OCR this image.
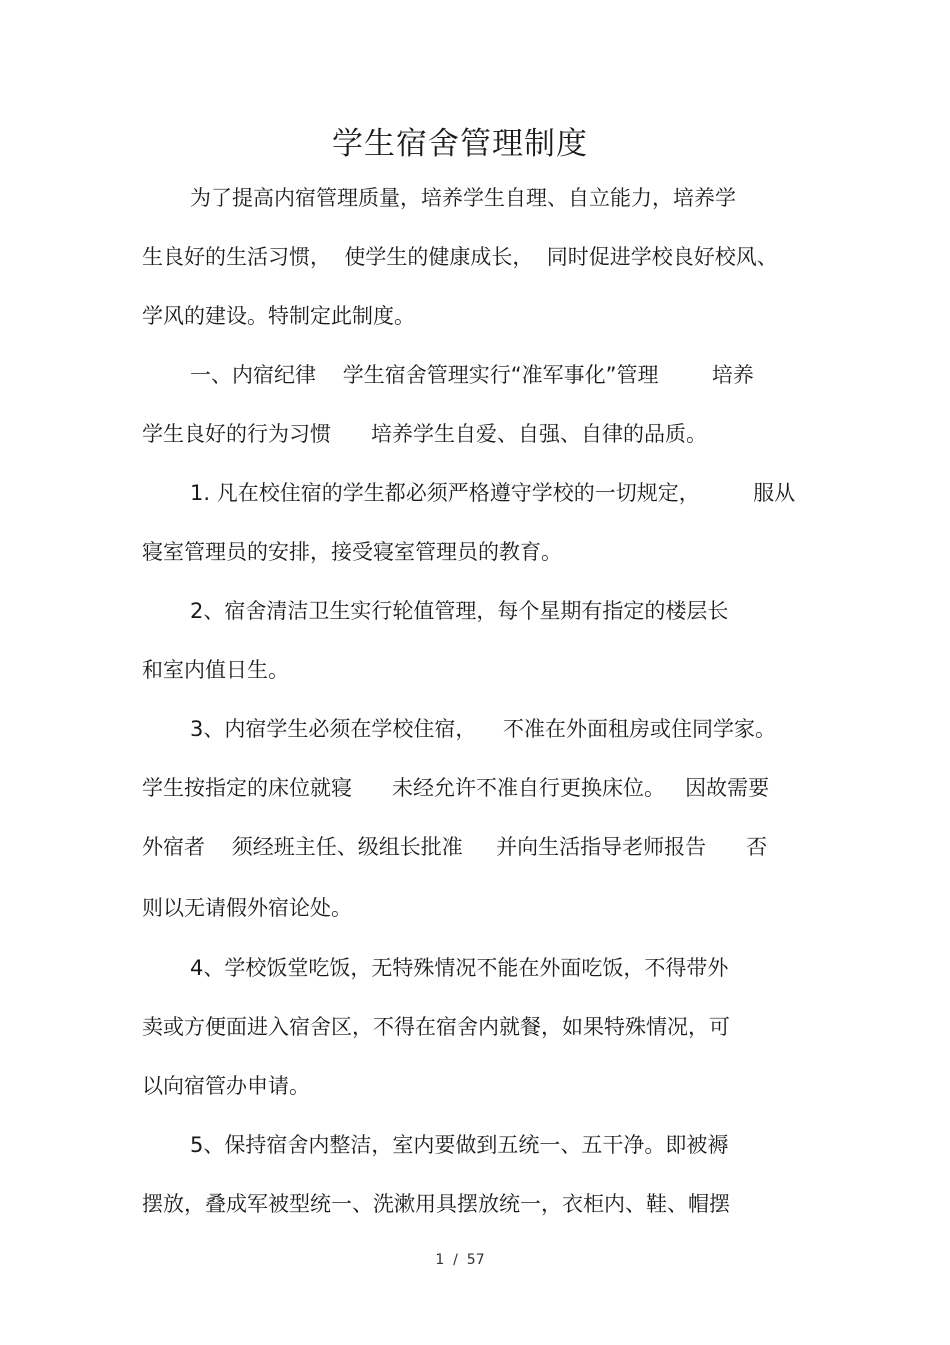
学生宿舍管理制度
为了提高内宿管理质量，培养学生自理、自立能力，培养学
生良好的生活习惯，  使学生的健康成长，  同时促进学校良好校风、
学风的建设。特制定此制度。
一、内宿纪律    学生宿舍管理实行“准军事化”管理        培养
学生良好的行为习惯      培养学生自爱、自强、自律的品质。
1. 凡在校住宿的学生都必须严格遵守学校的一切规定，        服从
寝室管理员的安排，接受寝室管理员的教育。
2、宿舍清洁卫生实行轮值管理，每个星期有指定的楼层长
和室内值日生。
3、内宿学生必须在学校住宿，    不准在外面租房或住同学家。
学生按指定的床位就寝      未经允许不准自行更换床位。   因故需要
外宿者    须经班主任、级组长批准     并向生活指导老师报告      否
则以无请假外宿论处。
4、学校饭堂吃饭，无特殊情况不能在外面吃饭，不得带外
卖或方便面进入宿舍区，不得在宿舍内就餐，如果特殊情况，可
以向宿管办申请。
5、保持宿舍内整洁，室内要做到五统一、五干净。即被褥
摆放，叠成军被型统一、洗漱用具摆放统一，衣柜内、鞋、帽摆
1  /  57
